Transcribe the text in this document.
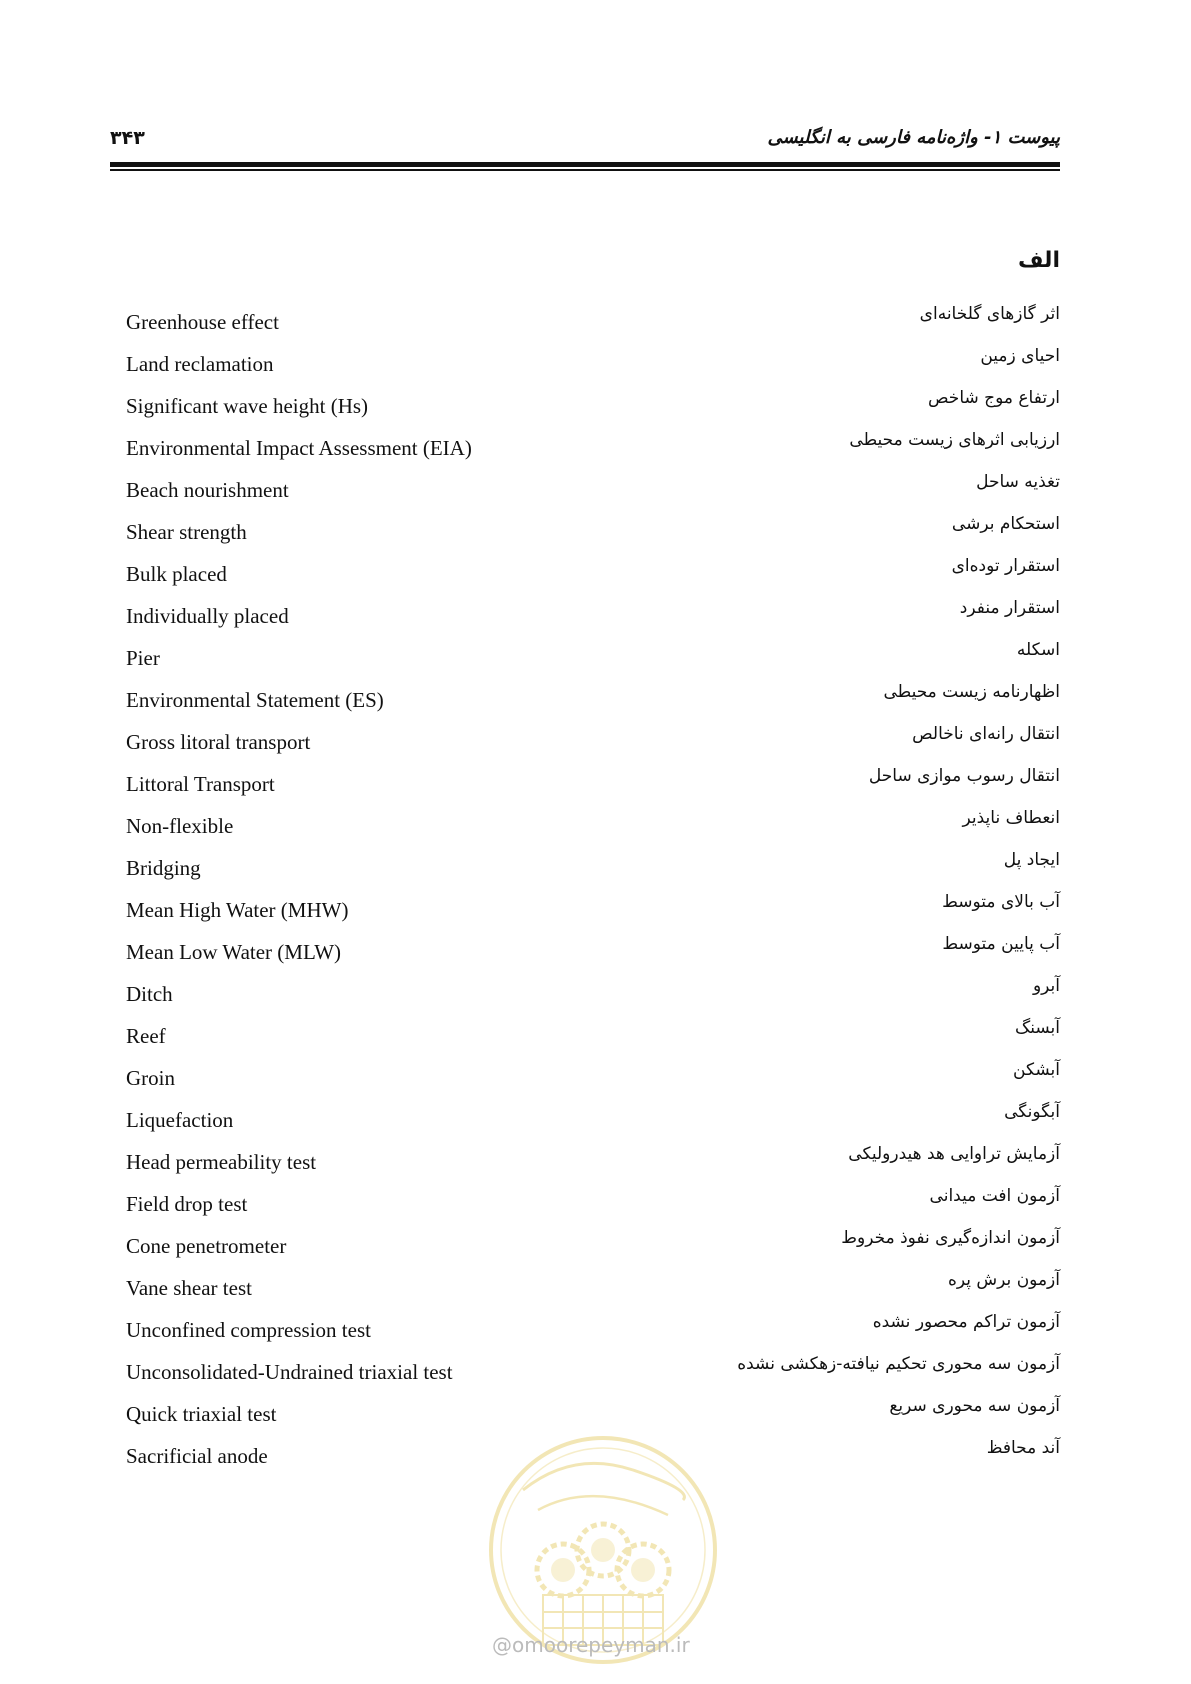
۳۴۳	پیوست ۱- واژه‌نامه فارسی به انگلیسی
الف
Greenhouse effect	اثر گازهای گلخانه‌ای
Land reclamation	احیای زمین
Significant wave height (Hs)	ارتفاع موج شاخص
Environmental Impact Assessment (EIA)	ارزیابی اثرهای زیست محیطی
Beach nourishment	تغذیه ساحل
Shear strength	استحکام برشی
Bulk placed	استقرار توده‌ای
Individually placed	استقرار منفرد
Pier	اسکله
Environmental Statement (ES)	اظهارنامه زیست محیطی
Gross litoral transport	انتقال رانه‌ای ناخالص
Littoral Transport	انتقال رسوب موازی ساحل
Non-flexible	انعطاف ناپذیر
Bridging	ایجاد پل
Mean High Water (MHW)	آب بالای متوسط
Mean Low Water (MLW)	آب پایین متوسط
Ditch	آبرو
Reef	آبسنگ
Groin	آبشکن
Liquefaction	آبگونگی
Head permeability test	آزمایش تراوایی هد هیدرولیکی
Field drop test	آزمون افت میدانی
Cone penetrometer	آزمون اندازه‌گیری نفوذ مخروط
Vane shear test	آزمون برش پره
Unconfined compression test	آزمون تراکم محصور نشده
Unconsolidated-Undrained triaxial test	آزمون سه محوری تحکیم نیافته-زهکشی نشده
Quick triaxial test	آزمون سه محوری سریع
Sacrificial anode	آند محافظ
@omoorepeyman.ir
